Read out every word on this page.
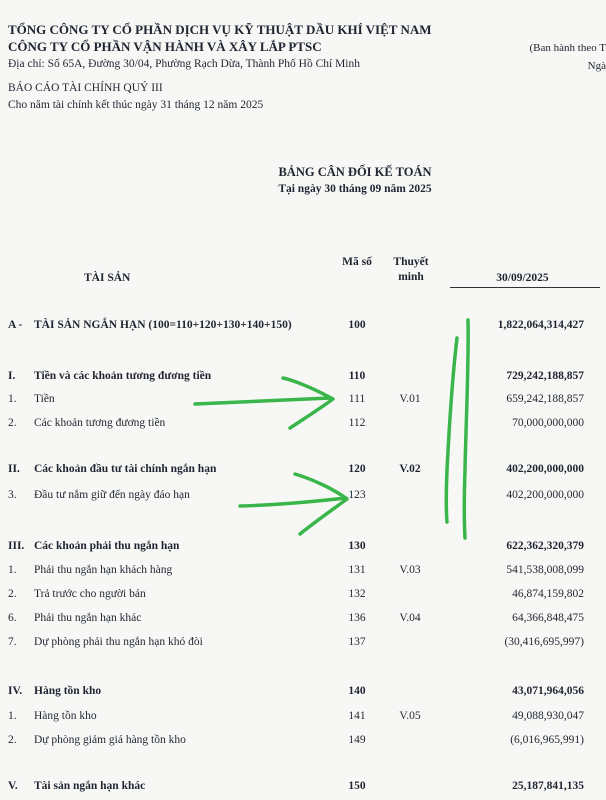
TỔNG CÔNG TY CỔ PHẦN DỊCH VỤ KỸ THUẬT DẦU KHÍ VIỆT NAM
CÔNG TY CỔ PHẦN VẬN HÀNH VÀ XÂY LẮP PTSC
Địa chỉ: Số 65A, Đường 30/04, Phường Rạch Dừa, Thành Phố Hồ Chí Minh
BÁO CÁO TÀI CHÍNH QUÝ III
Cho năm tài chính kết thúc ngày 31 tháng 12 năm 2025
(Ban hành theo T
Ngà
BẢNG CÂN ĐỐI KẾ TOÁN
Tại ngày 30 tháng 09 năm 2025
TÀI SẢN
Mã số	Thuyết minh	30/09/2025
A - TÀI SẢN NGẮN HẠN (100=110+120+130+140+150)	100	1,822,064,314,427
I. Tiền và các khoản tương đương tiền	110	729,242,188,857
1. Tiền	111	V.01	659,242,188,857
2. Các khoản tương đương tiền	112	70,000,000,000
II. Các khoản đầu tư tài chính ngắn hạn	120	V.02	402,200,000,000
3. Đầu tư nắm giữ đến ngày đáo hạn	123	402,200,000,000
III. Các khoản phải thu ngắn hạn	130	622,362,320,379
1. Phải thu ngắn hạn khách hàng	131	V.03	541,538,008,099
2. Trả trước cho người bán	132	46,874,159,802
6. Phải thu ngắn hạn khác	136	V.04	64,366,848,475
7. Dự phòng phải thu ngắn hạn khó đòi	137	(30,416,695,997)
IV. Hàng tồn kho	140	43,071,964,056
1. Hàng tồn kho	141	V.05	49,088,930,047
2. Dự phòng giảm giá hàng tồn kho	149	(6,016,965,991)
V. Tài sản ngắn hạn khác	150	25,187,841,135
